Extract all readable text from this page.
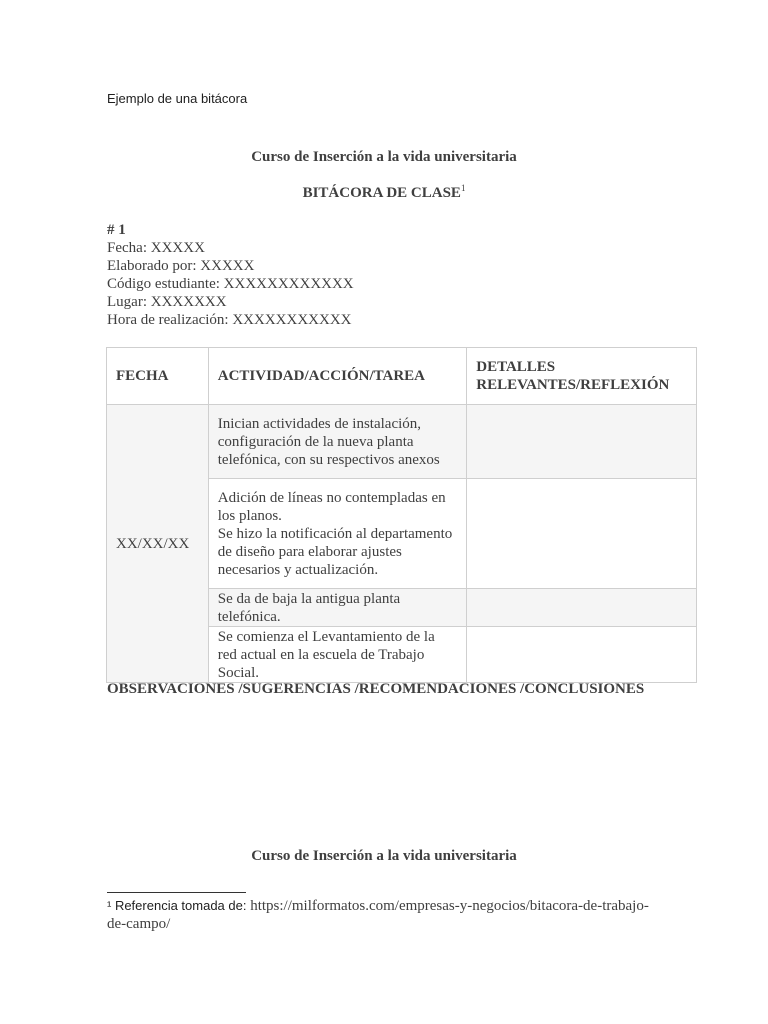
Ejemplo de una bitácora
Curso de Inserción a la vida universitaria
BITÁCORA DE CLASE$^1$
# 1
Fecha: XXXXX
Elaborado por: XXXXX
Código estudiante: XXXXXXXXXXXX
Lugar: XXXXXXX
Hora de realización: XXXXXXXXXXX
FECHA	ACTIVIDAD/ACCIÓN/TAREA	DETALLES RELEVANTES/REFLEXIÓN
XX/XX/XX	Inician actividades de instalación, configuración de la nueva planta telefónica, con su respectivos anexos	
	Adición de líneas no contempladas en los planos.
Se hizo la notificación al departamento de diseño para elaborar ajustes necesarios y actualización.	
	Se da de baja la antigua planta telefónica.	
	Se comienza el Levantamiento de la red actual en la escuela de Trabajo Social.	
OBSERVACIONES /SUGERENCIAS /RECOMENDACIONES /CONCLUSIONES
Curso de Inserción a la vida universitaria
¹ Referencia tomada de: https://milformatos.com/empresas-y-negocios/bitacora-de-trabajo-de-campo/
